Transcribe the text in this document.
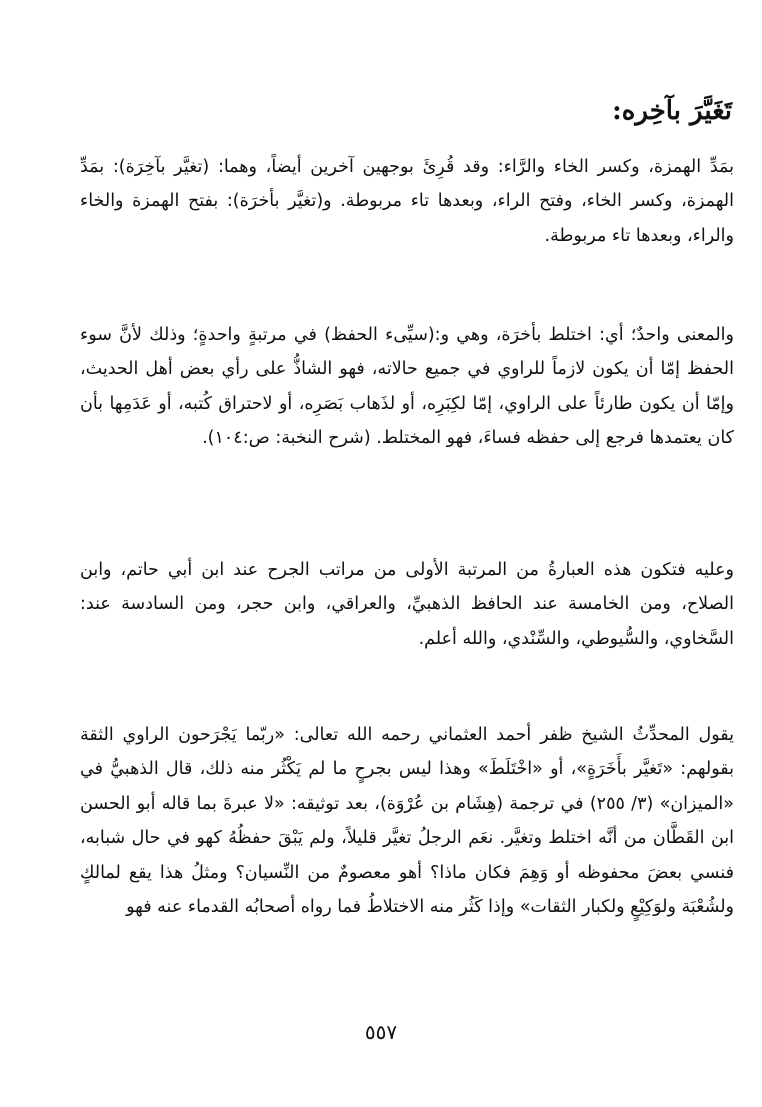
تَغَيَّرَ بآخِره:

بمَدِّ الهمزة، وكسر الخاء والرَّاء: وقد قُرِئَ بوجهين آخرين أيضاً، وهما: (تغيَّر بآخِرَة): بمَدِّ الهمزة، وكسر الخاء، وفتح الراء، وبعدها تاء مربوطة. و(تغيَّر بأخرَة): بفتح الهمزة والخاء والراء، وبعدها تاء مربوطة.

والمعنى واحدٌ؛ أي: اختلط بأخرَة، وهي و:(سيِّىء الحفظ) في مرتبةٍ واحدةٍ؛ وذلك لأنَّ سوء الحفظ إمّا أن يكون لازماً للراوي في جميع حالاته، فهو الشاذُّ على رأي بعض أهل الحديث، وإمّا أن يكون طارئاً على الراوي، إمّا لكِبَرِه، أو لذَهاب بَصَرِه، أو لاحتراق كُتبه، أو عَدَمِها بأن كان يعتمدها فرجع إلى حفظه فساءَ، فهو المختلط. (شرح النخبة: ص:١٠٤).

وعليه فتكون هذه العبارةُ من المرتبة الأولى من مراتب الجرح عند ابن أبي حاتم، وابن الصلاح، ومن الخامسة عند الحافظ الذهبيِّ، والعراقي، وابن حجر، ومن السادسة عند: السَّخاوي، والسُّيوطي، والسِّنْدي، والله أعلم.

يقول المحدِّثُ الشيخ ظفر أحمد العثماني رحمه الله تعالى: «ربّما يَجْرَحون الراوي الثقة بقولهم: «تَغيَّر بأَخَرَةٍ»، أو «اخْتَلَطَ» وهذا ليس بجرحٍ ما لم يَكْثُر منه ذلك، قال الذهبيُّ في «الميزان» (٣/ ٢٥٥) في ترجمة (هِشَام بن عُرْوَة)، بعد توثيقه: «لا عبرةَ بما قاله أبو الحسن ابن القَطَّان من أنَّه اختلط وتغيَّر. نعَم الرجلُ تغيَّر قليلاً، ولم يَبْقَ حفظُهُ كهو في حال شبابه، فنسي بعضَ محفوظه أو وَهِمَ فكان ماذا؟ أهو معصومٌ من النِّسيان؟ ومثلُ هذا يقع لمالكٍ ولشُعْبَة ولوَكِيْعٍ ولكبار الثقات» وإذا كَثُر منه الاختلاطُ فما رواه أصحابُه القدماء عنه فهو

٥٥٧
